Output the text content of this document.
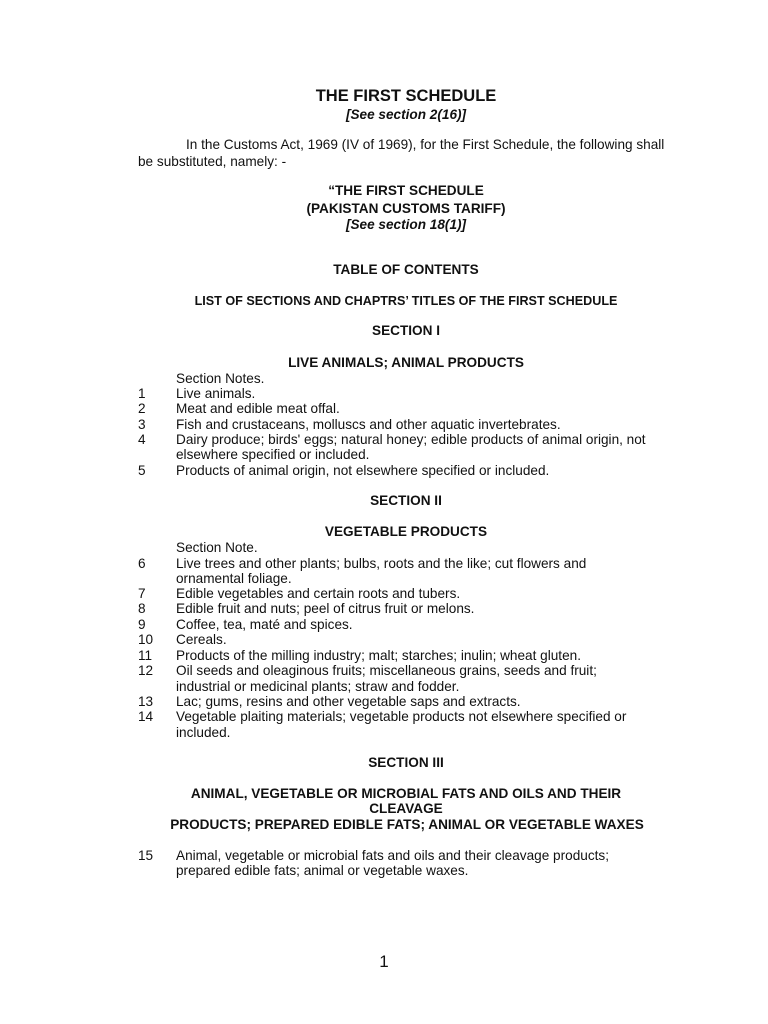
THE FIRST SCHEDULE
[See section 2(16)]
In the Customs Act, 1969 (IV of 1969), for the First Schedule, the following shall be substituted, namely: -
“THE FIRST SCHEDULE
(PAKISTAN CUSTOMS TARIFF)
[See section 18(1)]
TABLE OF CONTENTS
LIST OF SECTIONS AND CHAPTRS’ TITLES OF THE FIRST SCHEDULE
SECTION I
LIVE ANIMALS; ANIMAL PRODUCTS
Section Notes.
1 Live animals.
2 Meat and edible meat offal.
3 Fish and crustaceans, molluscs and other aquatic invertebrates.
4 Dairy produce; birds' eggs; natural honey; edible products of animal origin, not
elsewhere specified or included.
5 Products of animal origin, not elsewhere specified or included.
SECTION II
VEGETABLE PRODUCTS
Section Note.
6 Live trees and other plants; bulbs, roots and the like; cut flowers and
ornamental foliage.
7 Edible vegetables and certain roots and tubers.
8 Edible fruit and nuts; peel of citrus fruit or melons.
9 Coffee, tea, maté and spices.
10 Cereals.
11 Products of the milling industry; malt; starches; inulin; wheat gluten.
12 Oil seeds and oleaginous fruits; miscellaneous grains, seeds and fruit;
industrial or medicinal plants; straw and fodder.
13 Lac; gums, resins and other vegetable saps and extracts.
14 Vegetable plaiting materials; vegetable products not elsewhere specified or
included.
SECTION III
ANIMAL, VEGETABLE OR MICROBIAL FATS AND OILS AND THEIR
CLEAVAGE
PRODUCTS; PREPARED EDIBLE FATS; ANIMAL OR VEGETABLE WAXES
15 Animal, vegetable or microbial fats and oils and their cleavage products;
prepared edible fats; animal or vegetable waxes.
1
